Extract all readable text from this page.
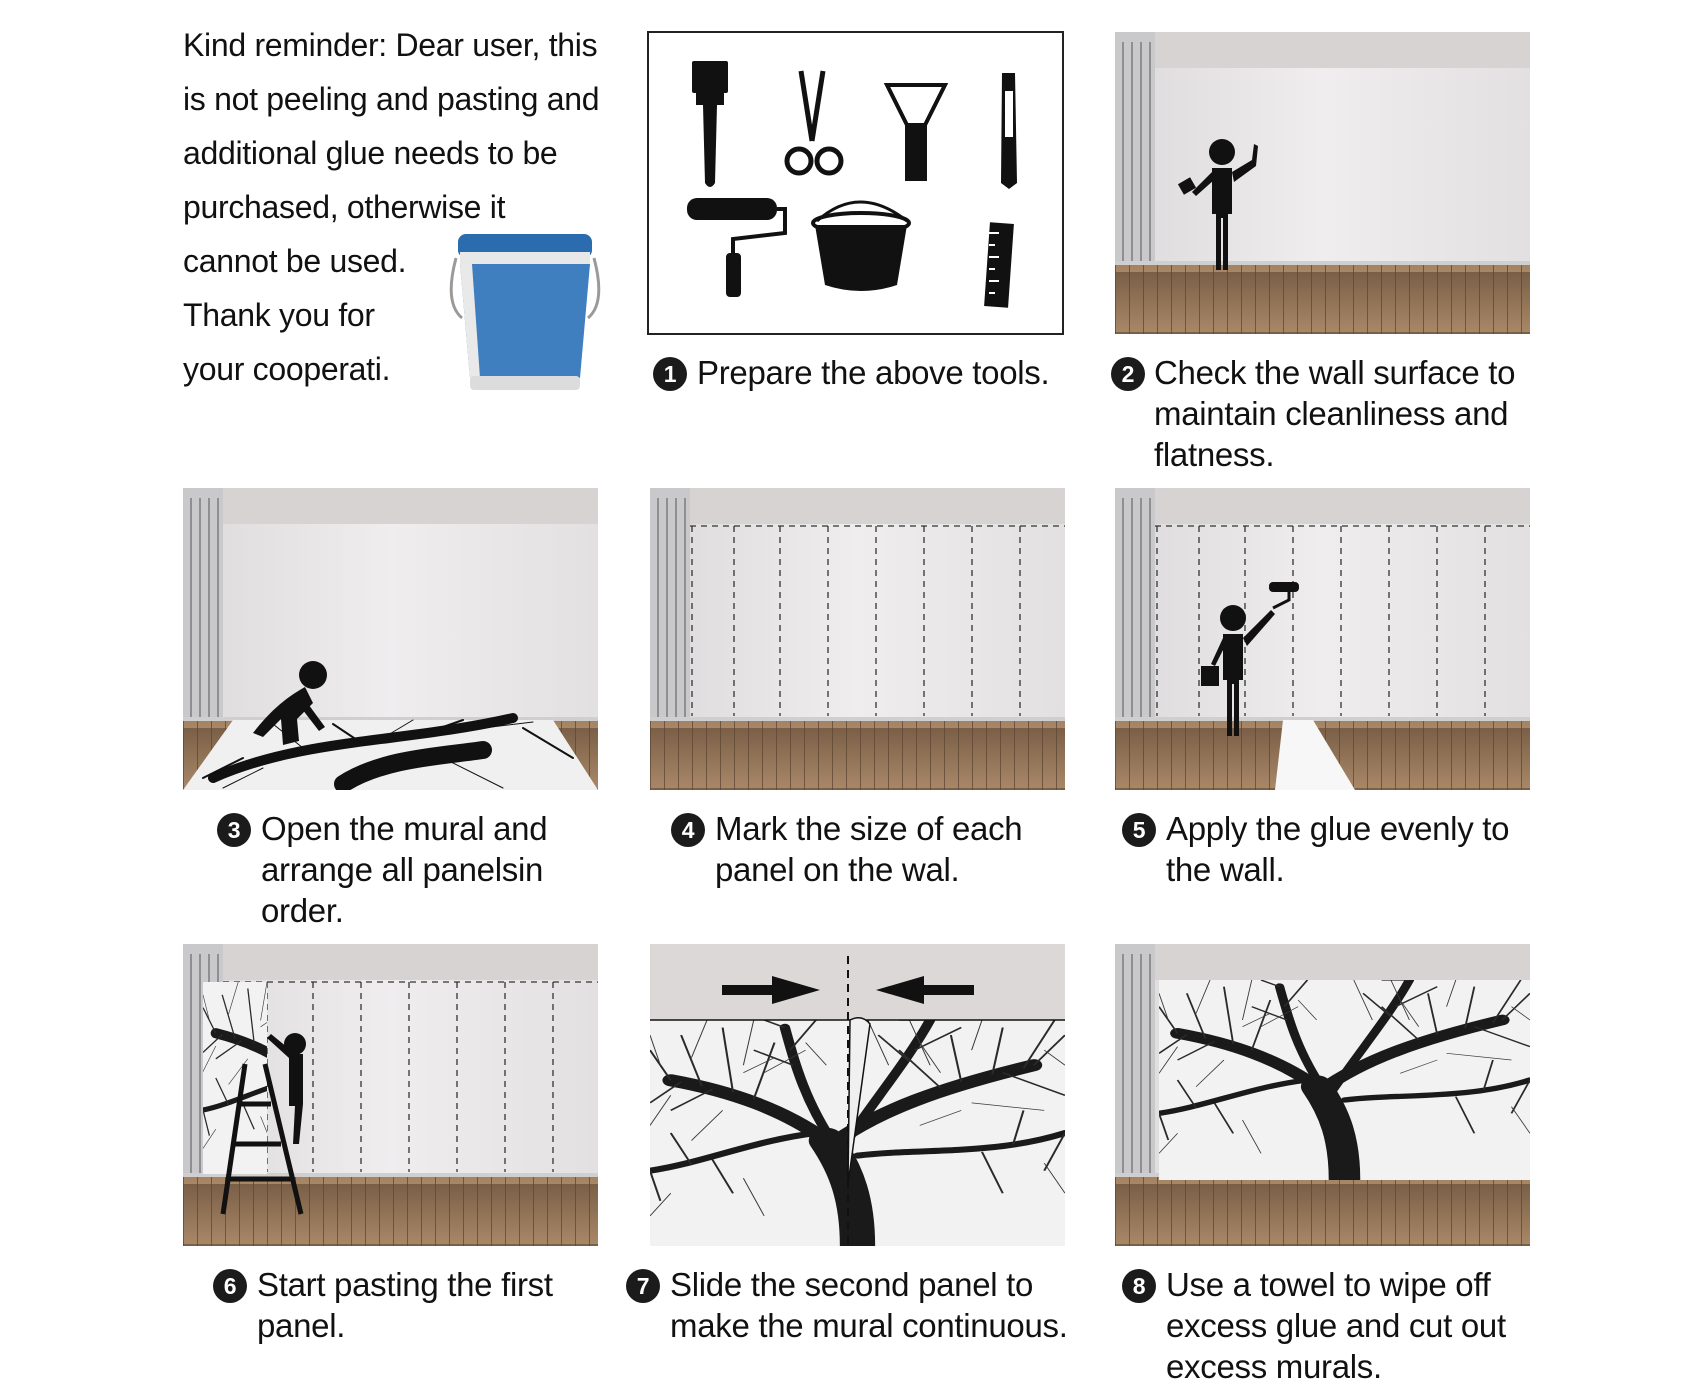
Kind reminder: Dear user, this
is not peeling and pasting and
additional glue needs to be
purchased, otherwise it
cannot be used.
Thank you for
your cooperati.	1 Prepare the above tools.	Check the wall surface to
maintain cleanliness and
flatness.
2
3 Open the mural and
arrange all panelsin
order.
4 Mark the size of each
panel on the wal.
5 Apply the glue evenly to
the wall.
6 Start pasting the first
panel.
7 Slide the second panel to
make the mural continuous.
8 Use a towel to wipe off
excess glue and cut out
excess murals.
